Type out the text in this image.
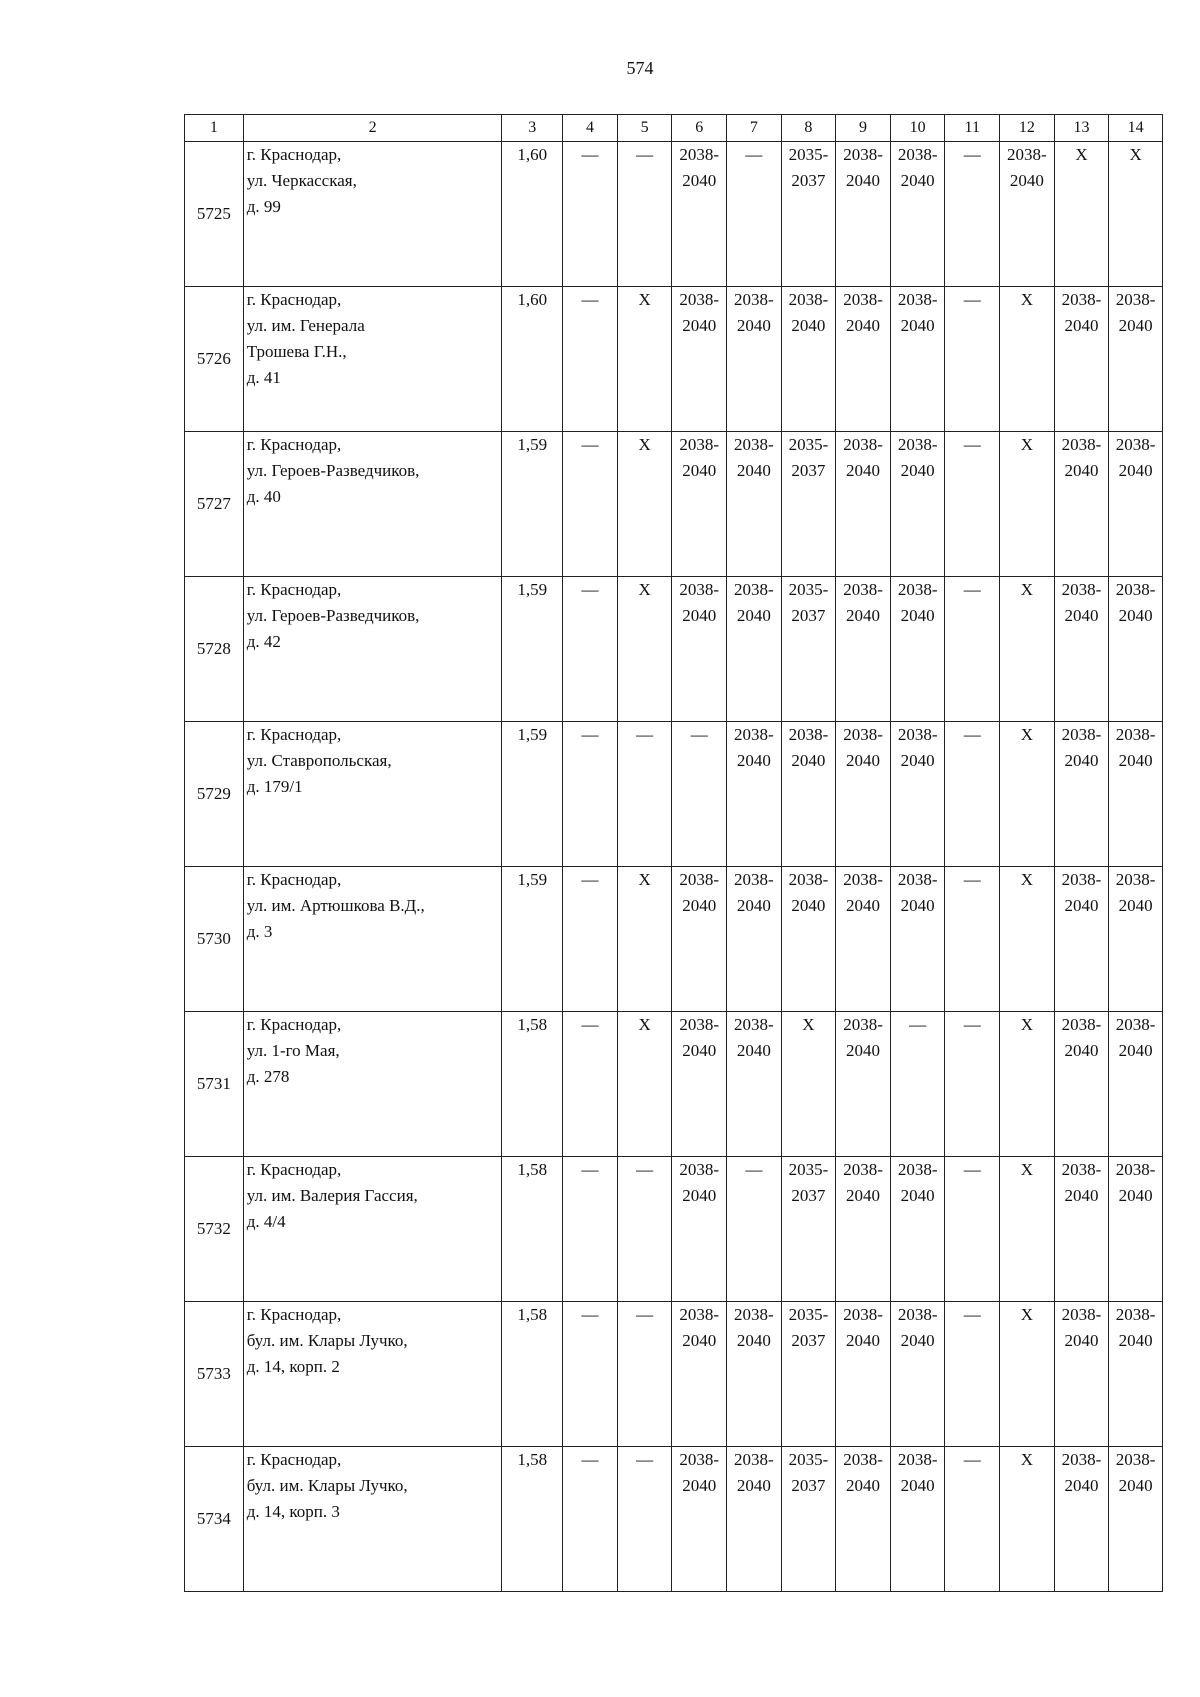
574
1	2	3	4	5	6	7	8	9	10	11	12	13	14
5725	г. Краснодар,
ул. Черкасская,
д. 99	1,60	—	—	2038-
2040	—	2035-
2037	2038-
2040	2038-
2040	—	2038-
2040	X	X

5726	г. Краснодар,
ул. им. Генерала
Трошева Г.Н.,
д. 41	1,60	—	X	2038-
2040	2038-
2040	2038-
2040	2038-
2040	2038-
2040	—	X	2038-
2040	2038-
2040

5727	г. Краснодар,
ул. Героев-Разведчиков,
д. 40	1,59	—	X	2038-
2040	2038-
2040	2035-
2037	2038-
2040	2038-
2040	—	X	2038-
2040	2038-
2040

5728	г. Краснодар,
ул. Героев-Разведчиков,
д. 42	1,59	—	X	2038-
2040	2038-
2040	2035-
2037	2038-
2040	2038-
2040	—	X	2038-
2040	2038-
2040

5729	г. Краснодар,
ул. Ставропольская,
д. 179/1	1,59	—	—	—	2038-
2040	2038-
2040	2038-
2040	2038-
2040	—	X	2038-
2040	2038-
2040

5730	г. Краснодар,
ул. им. Артюшкова В.Д.,
д. 3	1,59	—	X	2038-
2040	2038-
2040	2038-
2040	2038-
2040	2038-
2040	—	X	2038-
2040	2038-
2040

5731	г. Краснодар,
ул. 1-го Мая,
д. 278	1,58	—	X	2038-
2040	2038-
2040	X	2038-
2040	—	—	X	2038-
2040	2038-
2040

5732	г. Краснодар,
ул. им. Валерия Гассия,
д. 4/4	1,58	—	—	2038-
2040	—	2035-
2037	2038-
2040	2038-
2040	—	X	2038-
2040	2038-
2040

5733	г. Краснодар,
бул. им. Клары Лучко,
д. 14, корп. 2	1,58	—	—	2038-
2040	2038-
2040	2035-
2037	2038-
2040	2038-
2040	—	X	2038-
2040	2038-
2040

5734	г. Краснодар,
бул. им. Клары Лучко,
д. 14, корп. 3	1,58	—	—	2038-
2040	2038-
2040	2035-
2037	2038-
2040	2038-
2040	—	X	2038-
2040	2038-
2040
